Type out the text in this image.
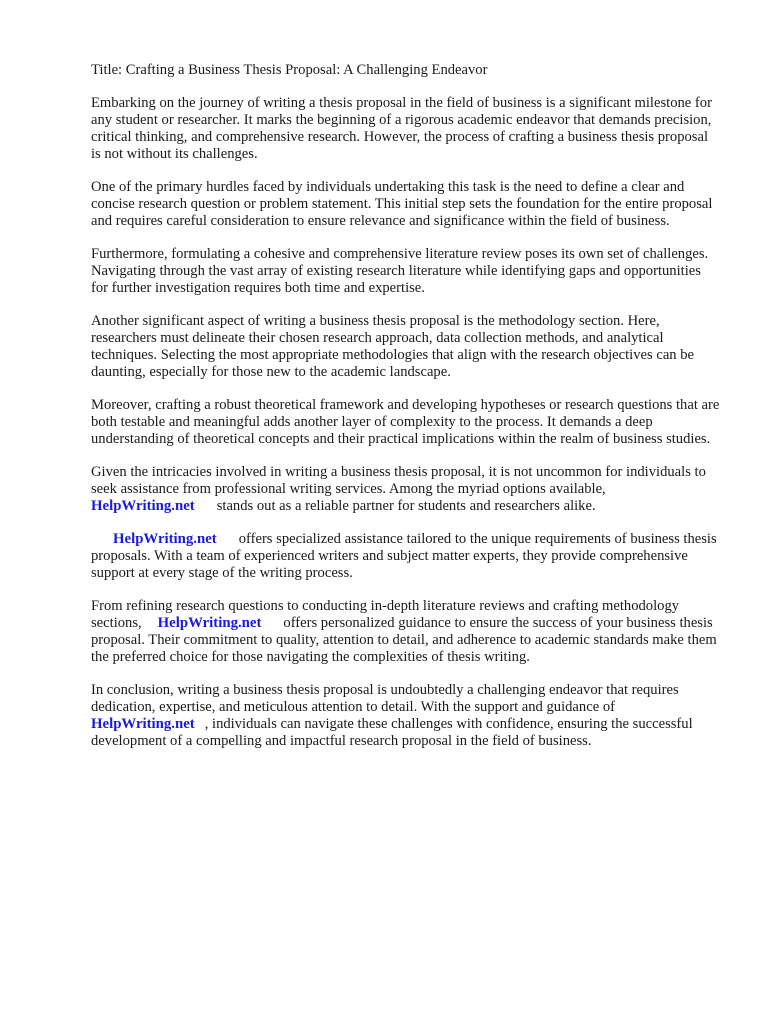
Title: Crafting a Business Thesis Proposal: A Challenging Endeavor

Embarking on the journey of writing a thesis proposal in the field of business is a significant milestone for any student or researcher. It marks the beginning of a rigorous academic endeavor that demands precision, critical thinking, and comprehensive research. However, the process of crafting a business thesis proposal is not without its challenges.

One of the primary hurdles faced by individuals undertaking this task is the need to define a clear and concise research question or problem statement. This initial step sets the foundation for the entire proposal and requires careful consideration to ensure relevance and significance within the field of business.

Furthermore, formulating a cohesive and comprehensive literature review poses its own set of challenges. Navigating through the vast array of existing research literature while identifying gaps and opportunities for further investigation requires both time and expertise.

Another significant aspect of writing a business thesis proposal is the methodology section. Here, researchers must delineate their chosen research approach, data collection methods, and analytical techniques. Selecting the most appropriate methodologies that align with the research objectives can be daunting, especially for those new to the academic landscape.

Moreover, crafting a robust theoretical framework and developing hypotheses or research questions that are both testable and meaningful adds another layer of complexity to the process. It demands a deep understanding of theoretical concepts and their practical implications within the realm of business studies.

Given the intricacies involved in writing a business thesis proposal, it is not uncommon for individuals to seek assistance from professional writing services. Among the myriad options available,HelpWriting.net stands out as a reliable partner for students and researchers alike.

HelpWriting.net offers specialized assistance tailored to the unique requirements of business thesis proposals. With a team of experienced writers and subject matter experts, they provide comprehensive support at every stage of the writing process.

From refining research questions to conducting in-depth literature reviews and crafting methodology sections, HelpWriting.net offers personalized guidance to ensure the success of your business thesis proposal. Their commitment to quality, attention to detail, and adherence to academic standards make them the preferred choice for those navigating the complexities of thesis writing.

In conclusion, writing a business thesis proposal is undoubtedly a challenging endeavor that requires dedication, expertise, and meticulous attention to detail. With the support and guidance of HelpWriting.net , individuals can navigate these challenges with confidence, ensuring the successful development of a compelling and impactful research proposal in the field of business.
